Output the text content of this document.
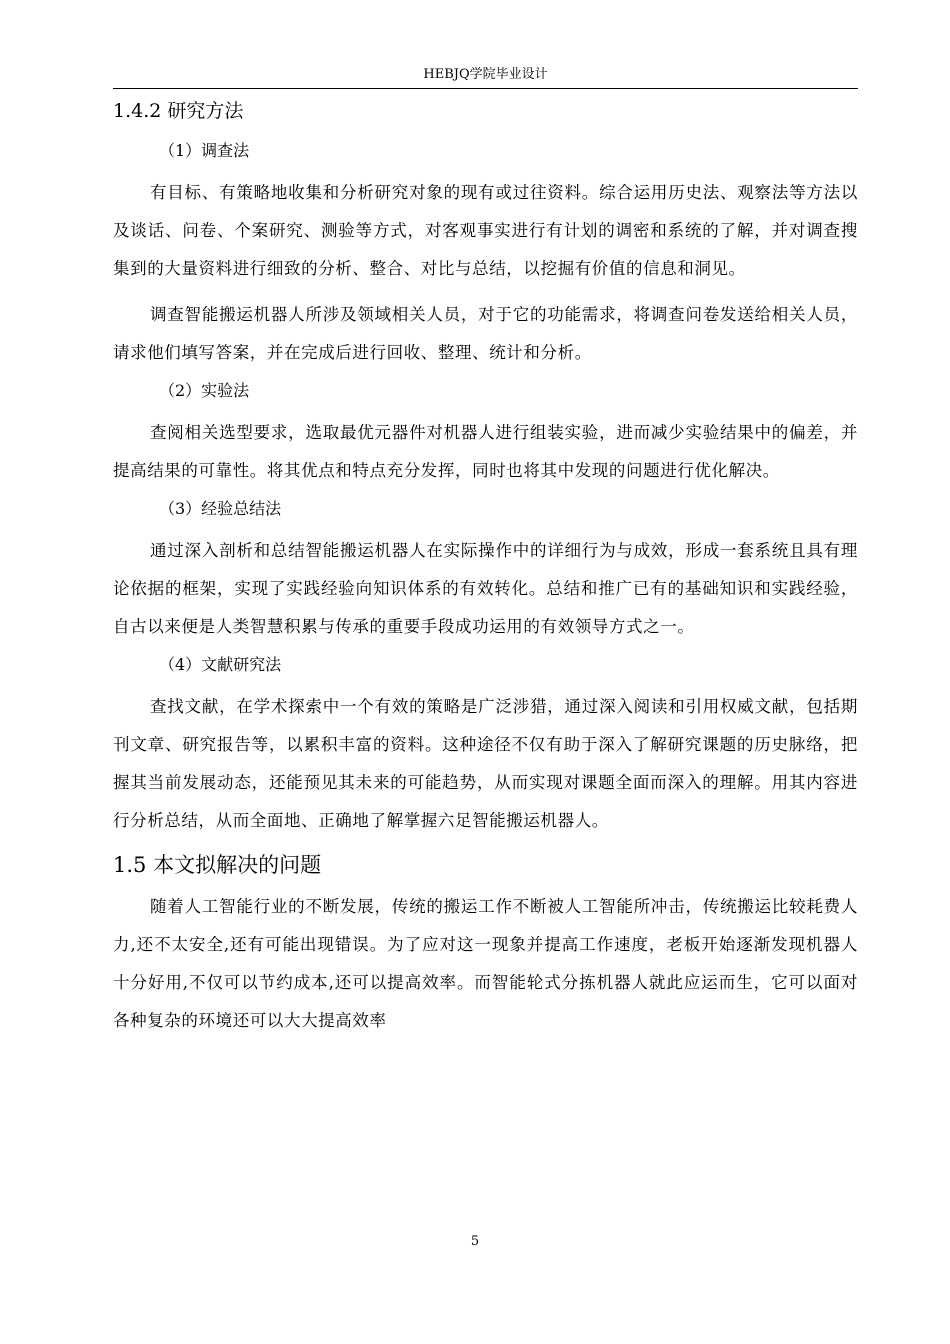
HEBJQ学院毕业设计
1.4.2 研究方法
（1）调查法

有目标、有策略地收集和分析研究对象的现有或过往资料。综合运用历史法、观察法等方法以及谈话、问卷、个案研究、测验等方式，对客观事实进行有计划的调密和系统的了解，并对调查搜集到的大量资料进行细致的分析、整合、对比与总结，以挖掘有价值的信息和洞见。

调查智能搬运机器人所涉及领域相关人员，对于它的功能需求，将调查问卷发送给相关人员，请求他们填写答案，并在完成后进行回收、整理、统计和分析。

（2）实验法

查阅相关选型要求，选取最优元器件对机器人进行组装实验，进而减少实验结果中的偏差，并提高结果的可靠性。将其优点和特点充分发挥，同时也将其中发现的问题进行优化解决。

（3）经验总结法

通过深入剖析和总结智能搬运机器人在实际操作中的详细行为与成效，形成一套系统且具有理论依据的框架，实现了实践经验向知识体系的有效转化。总结和推广已有的基础知识和实践经验，自古以来便是人类智慧积累与传承的重要手段成功运用的有效领导方式之一。

（4）文献研究法

查找文献，在学术探索中一个有效的策略是广泛涉猎，通过深入阅读和引用权威文献，包括期刊文章、研究报告等，以累积丰富的资料。这种途径不仅有助于深入了解研究课题的历史脉络，把握其当前发展动态，还能预见其未来的可能趋势，从而实现对课题全面而深入的理解。用其内容进行分析总结，从而全面地、正确地了解掌握六足智能搬运机器人。

1.5 本文拟解决的问题

随着人工智能行业的不断发展，传统的搬运工作不断被人工智能所冲击，传统搬运比较耗费人力,还不太安全,还有可能出现错误。为了应对这一现象并提高工作速度，老板开始逐渐发现机器人十分好用,不仅可以节约成本,还可以提高效率。而智能轮式分拣机器人就此应运而生，它可以面对各种复杂的环境还可以大大提高效率

5
